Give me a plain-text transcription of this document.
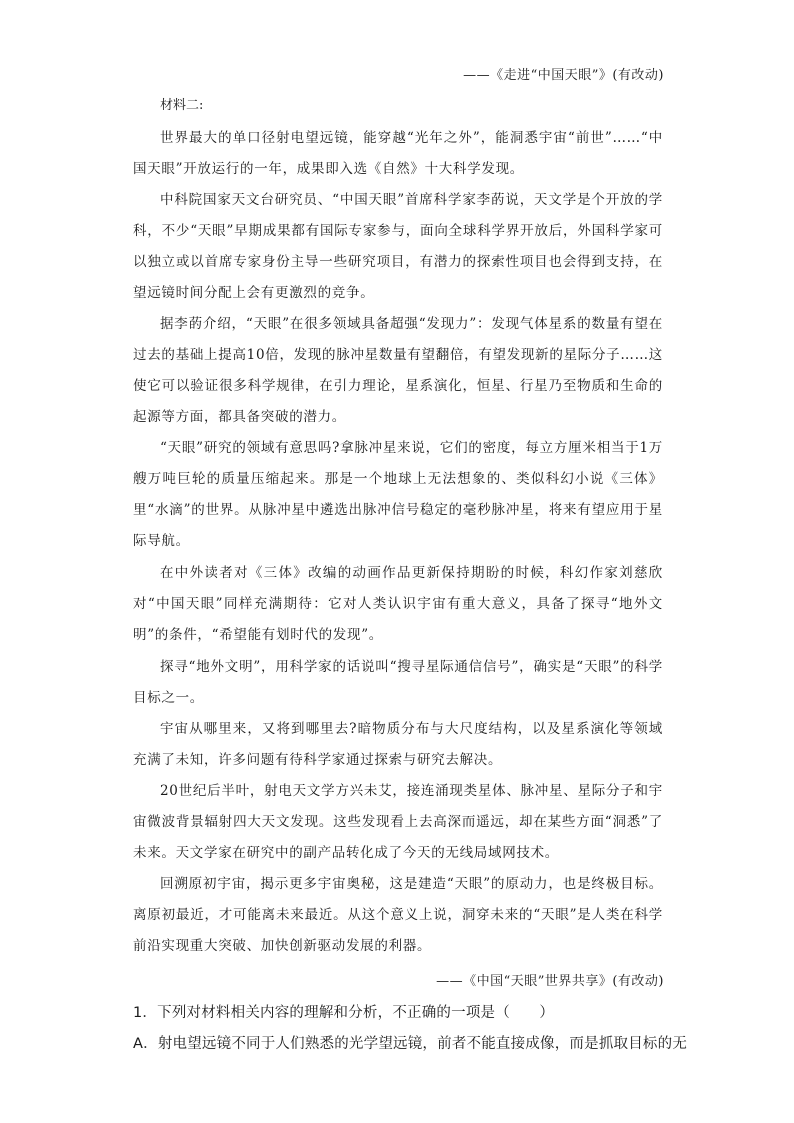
——《走进“中国天眼”》(有改动)
材料二:

世界最大的单口径射电望远镜，能穿越“光年之外”，能洞悉宇宙“前世”……“中国天眼”开放运行的一年，成果即入选《自然》十大科学发现。

中科院国家天文台研究员、“中国天眼”首席科学家李菂说，天文学是个开放的学科，不少“天眼”早期成果都有国际专家参与，面向全球科学界开放后，外国科学家可以独立或以首席专家身份主导一些研究项目，有潜力的探索性项目也会得到支持，在望远镜时间分配上会有更激烈的竞争。

据李菂介绍，“天眼”在很多领域具备超强“发现力”：发现气体星系的数量有望在过去的基础上提高10倍，发现的脉冲星数量有望翻倍，有望发现新的星际分子……这使它可以验证很多科学规律，在引力理论，星系演化，恒星、行星乃至物质和生命的起源等方面，都具备突破的潜力。

“天眼”研究的领域有意思吗?拿脉冲星来说，它们的密度，每立方厘米相当于1万艘万吨巨轮的质量压缩起来。那是一个地球上无法想象的、类似科幻小说《三体》里“水滴”的世界。从脉冲星中遴选出脉冲信号稳定的毫秒脉冲星，将来有望应用于星际导航。

在中外读者对《三体》改编的动画作品更新保持期盼的时候，科幻作家刘慈欣对“中国天眼”同样充满期待：它对人类认识宇宙有重大意义，具备了探寻“地外文明”的条件，“希望能有划时代的发现”。

探寻“地外文明”，用科学家的话说叫“搜寻星际通信信号”，确实是“天眼”的科学目标之一。

宇宙从哪里来，又将到哪里去?暗物质分布与大尺度结构，以及星系演化等领域充满了未知，许多问题有待科学家通过探索与研究去解决。

20世纪后半叶，射电天文学方兴未艾，接连涌现类星体、脉冲星、星际分子和宇宙微波背景辐射四大天文发现。这些发现看上去高深而遥远，却在某些方面“洞悉”了未来。天文学家在研究中的副产品转化成了今天的无线局域网技术。

回溯原初宇宙，揭示更多宇宙奥秘，这是建造“天眼”的原动力，也是终极目标。离原初最近，才可能离未来最近。从这个意义上说，洞穿未来的“天眼”是人类在科学前沿实现重大突破、加快创新驱动发展的利器。

——《中国“天眼”世界共享》(有改动)

1．下列对材料相关内容的理解和分析，不正确的一项是（　　）

A．射电望远镜不同于人们熟悉的光学望远镜，前者不能直接成像，而是抓取目标的无
